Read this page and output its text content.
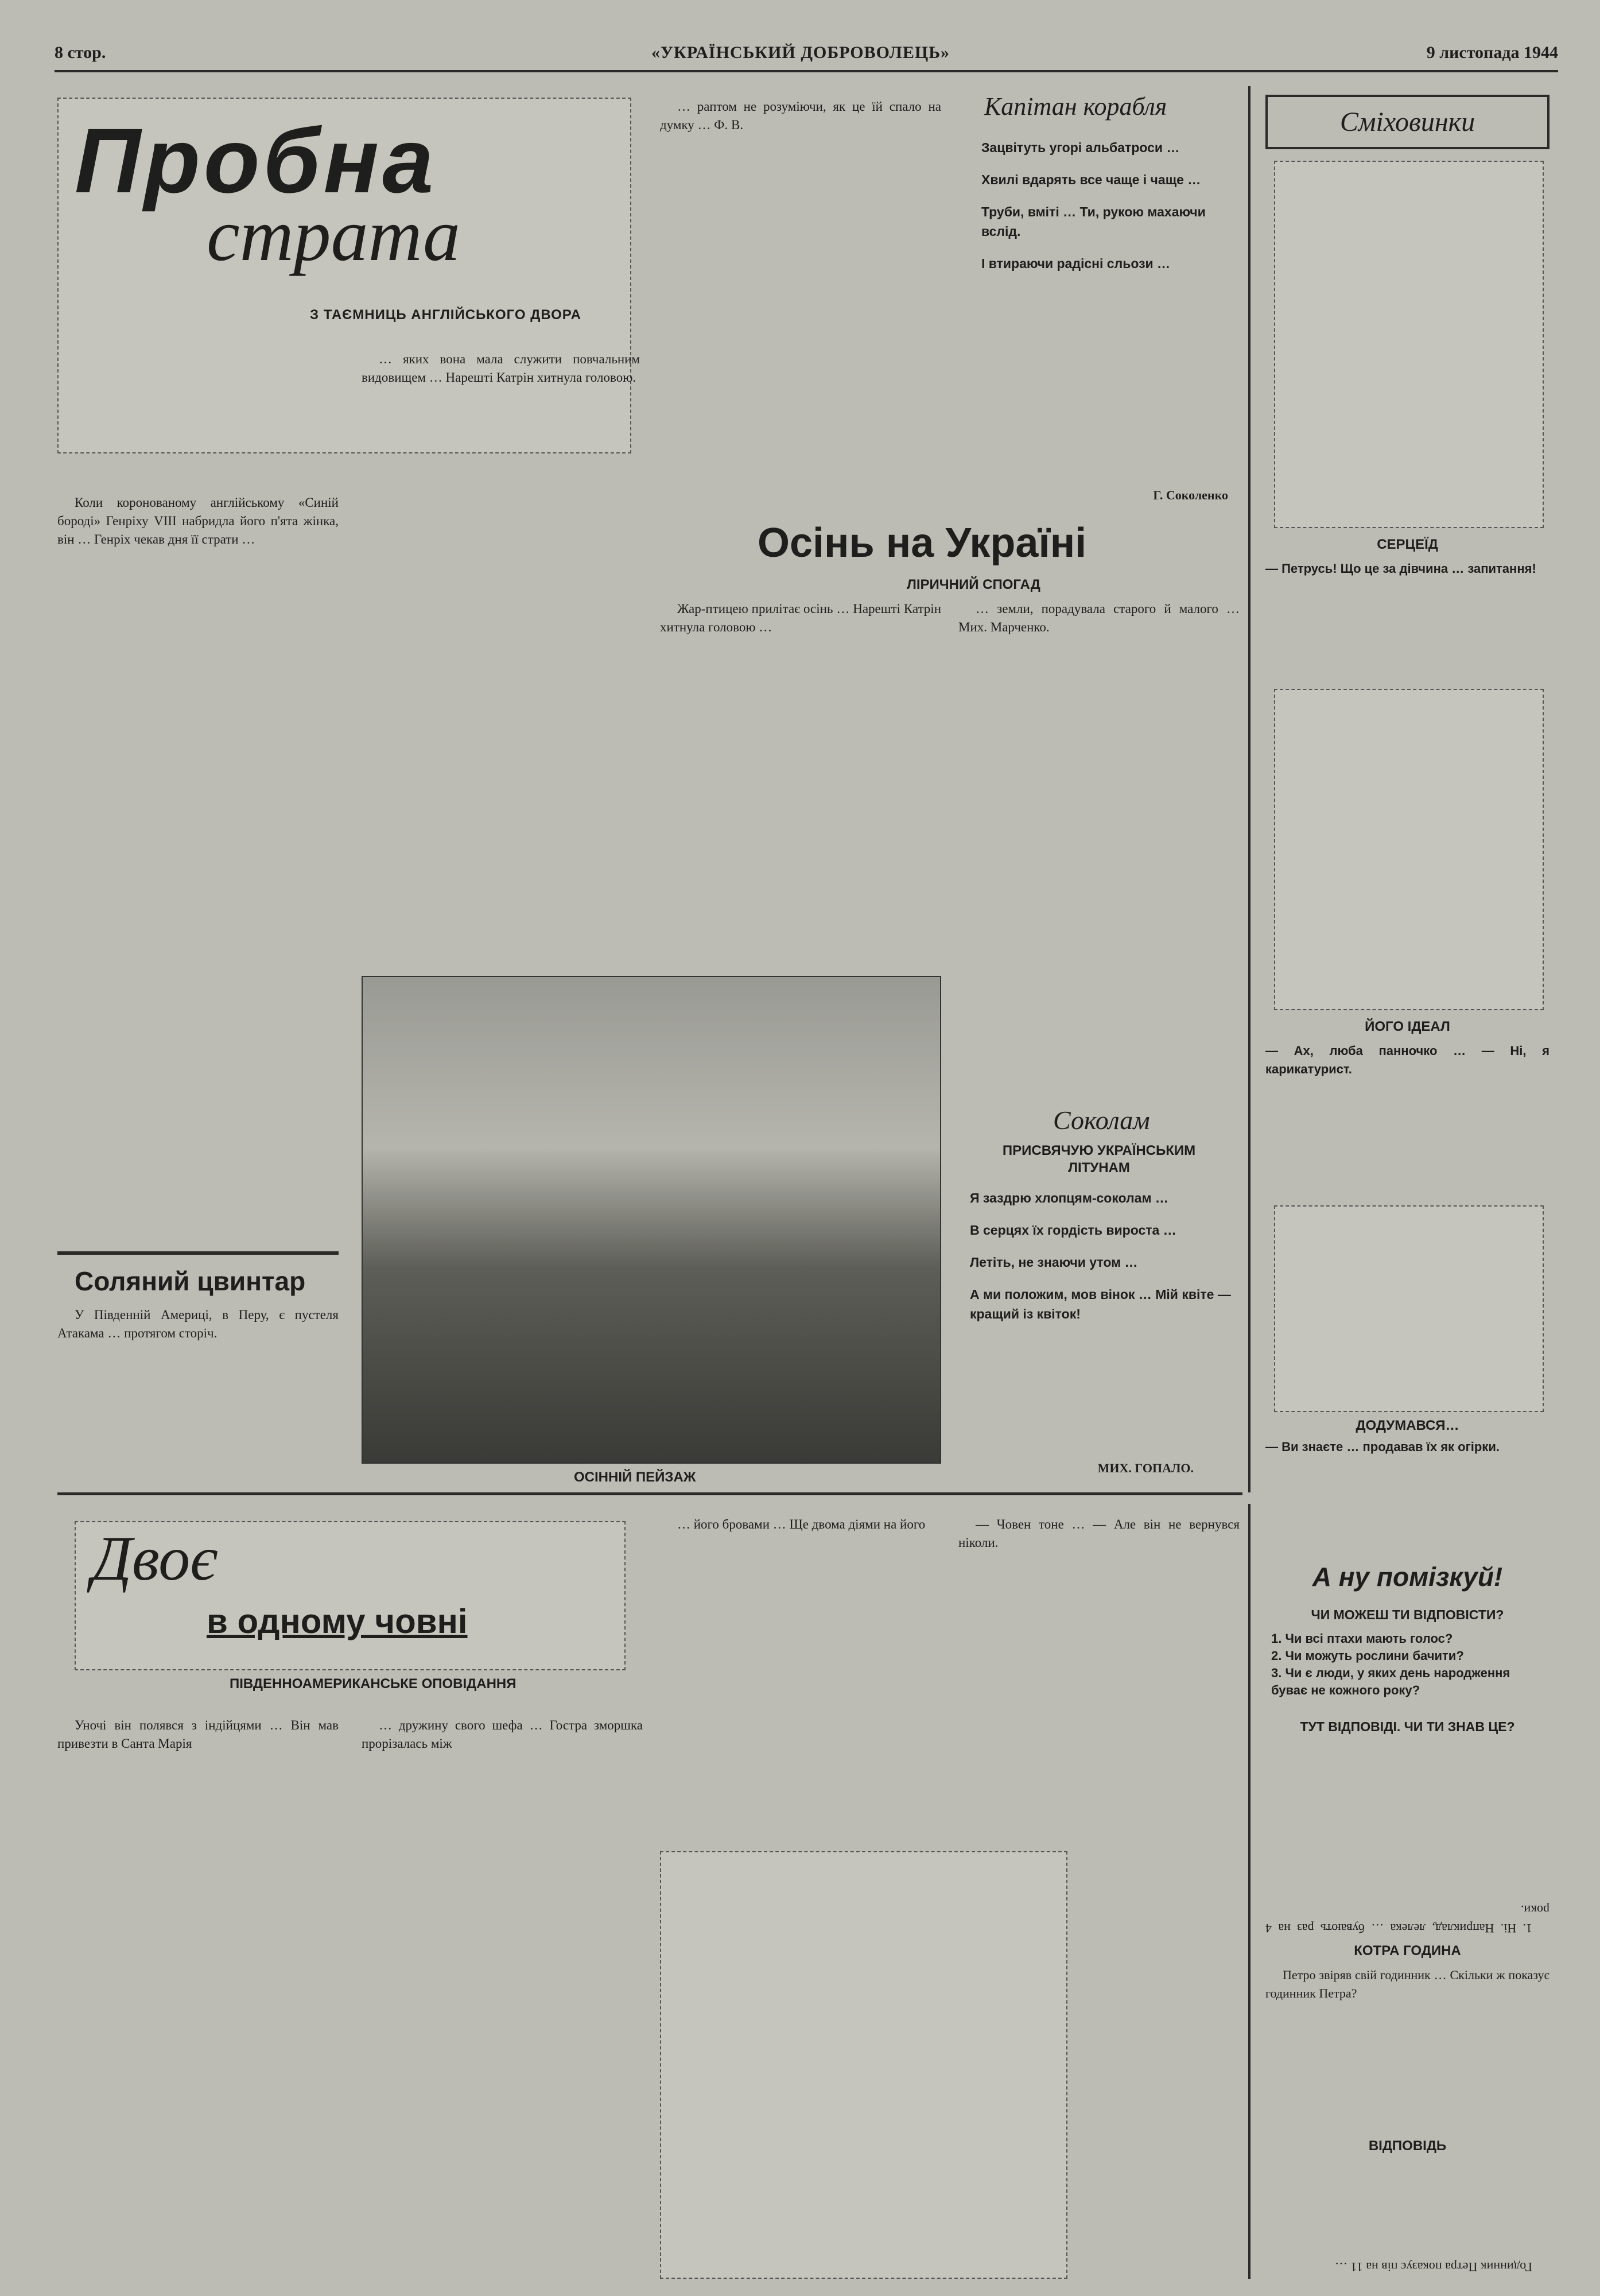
8 стор.	«УКРАЇНСЬКИЙ ДОБРОВОЛЕЦЬ»	9 листопада 1944
Пробна
страта
З ТАЄМНИЦЬ АНГЛІЙСЬКОГО ДВОРА

Коли коронованому англійському «Синій бороді» Генріху VIII набридла його п'ята жінка, він … Генріх чекав дня її страти …

… яких вона мала служити повчальним видовищем … Нарешті Катрін хитнула головою.

… раптом не розуміючи, як це їй спало на думку … Ф. В.

Соляний цвинтар

У Південній Америці, в Перу, є пустеля Атакама … протягом сторіч.

Капітан корабля

Зацвітуть угорі альбатроси …

Хвилі вдарять все чаще і чаще …

Труби, вміті … Ти, рукою махаючи вслід.

І втираючи радісні сльози …

Г. Соколенко
Осінь на Україні
ЛІРИЧНИЙ СПОГАД

Жар-птицею прилітає осінь … Нарешті Катрін хитнула головою …

… земли, порадувала старого й малого … Мих. Марченко.

ОСІННІЙ ПЕЙЗАЖ
Соколам
ПРИСВЯЧУЮ УКРАЇНСЬКИМ ЛІТУНАМ

Я заздрю хлопцям-соколам …

В серцях їх гордість вироста …

Летіть, не знаючи утом …

А ми положим, мов вінок … Мій квіте — кращий із квіток!

МИХ. ГОПАЛО.
Сміховинки
СЕРЦЕЇД
— Петрусь! Що це за дівчина … запитання!
ЙОГО ІДЕАЛ
— Ах, люба панночко … — Ні, я карикатурист.
ДОДУМАВСЯ…
— Ви знаєте … продавав їх як огірки.
Двоє
в одному човні
ПІВДЕННОАМЕРИКАНСЬКЕ ОПОВІДАННЯ

Уночі він полявся з індійцями … Він мав привезти в Санта Марія

… дружину свого шефа … Гостра зморшка прорізалась між

… його бровами … Ще двома діями на його	— Човен тоне … — Але він не вернувся ніколи.

А ну помізкуй!
ЧИ МОЖЕШ ТИ ВІДПОВІСТИ?
1. Чи всі птахи мають голос?
2. Чи можуть рослини бачити?
3. Чи є люди, у яких день народження буває не кожного року?
ТУТ ВІДПОВІДІ. ЧИ ТИ ЗНАВ ЦЕ?

1. Ні. Наприклад, лелека … бувають раз на 4 роки.

КОТРА ГОДИНА

Петро звіряв свій годинник … Скільки ж показує годинник Петра?

ВІДПОВІДЬ

Годинник Петра показує пів на 11 …
